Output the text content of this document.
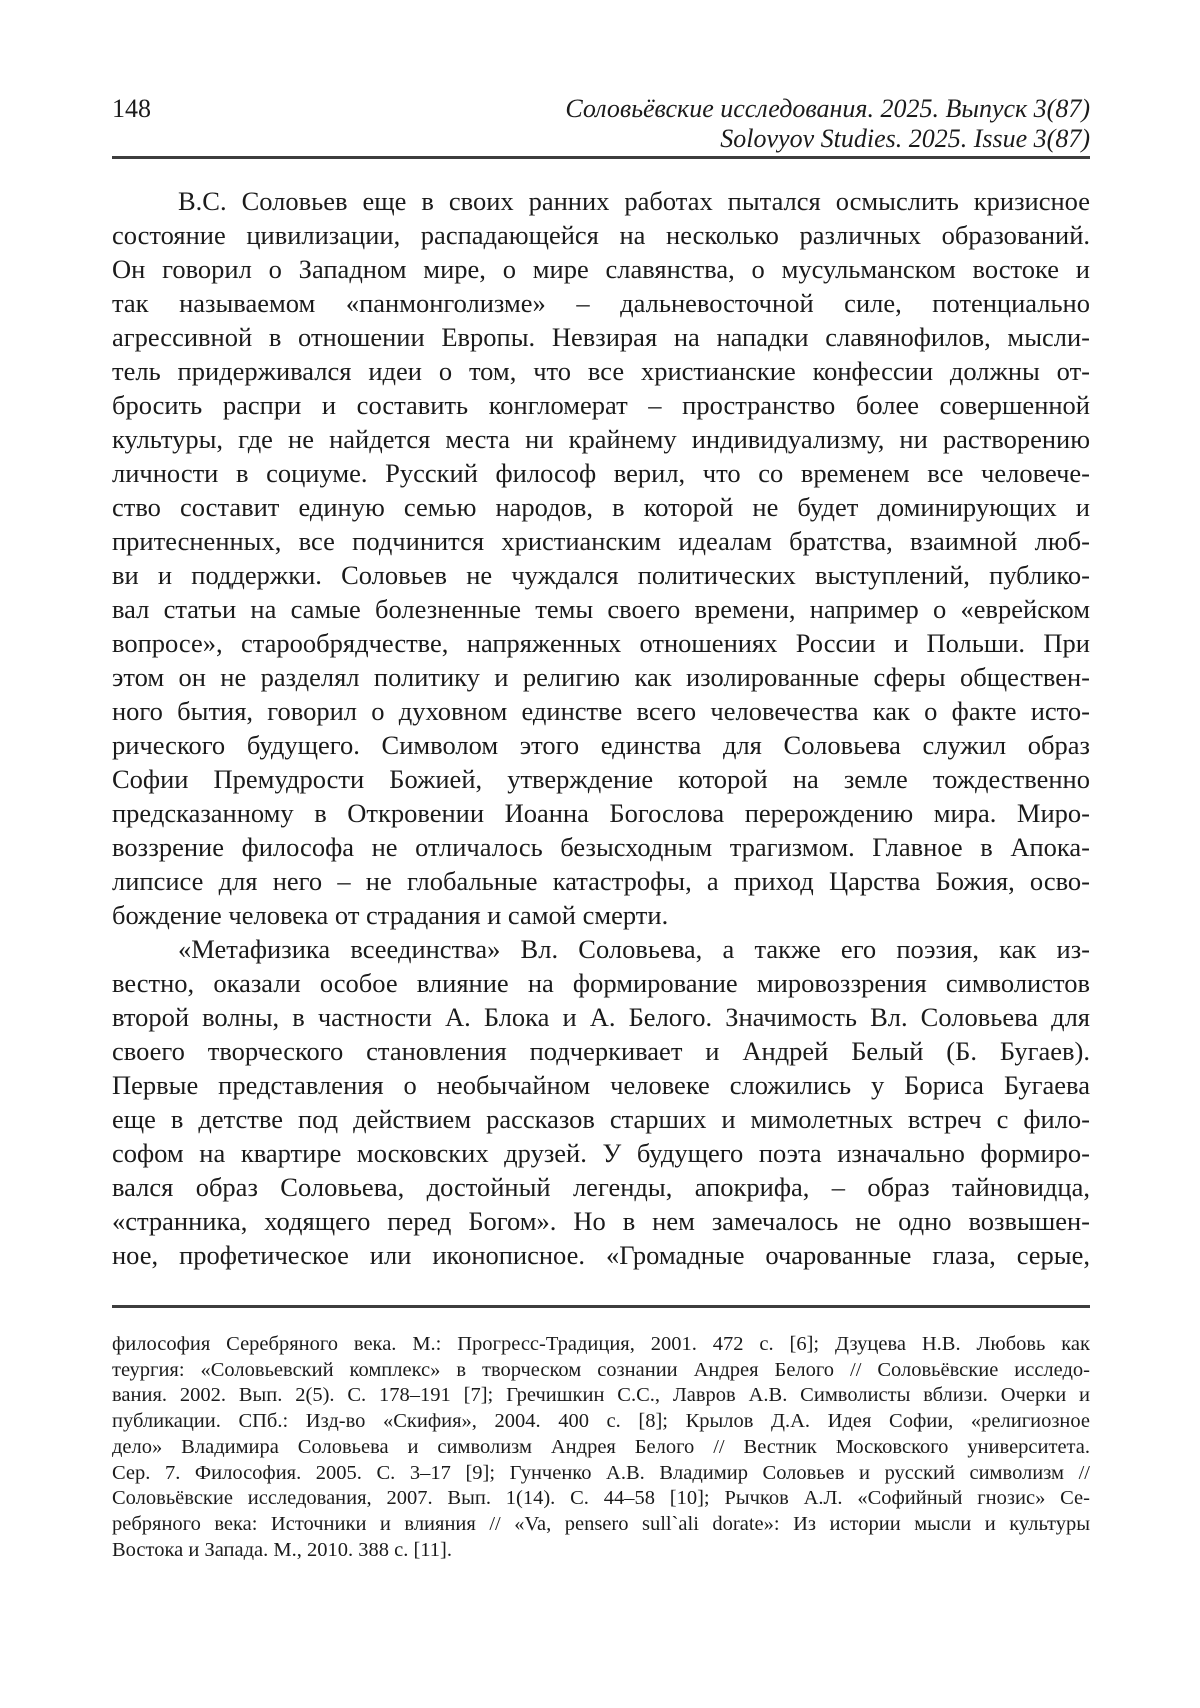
148	Соловьёвские исследования. 2025. Выпуск 3(87)
Solovyov Studies. 2025. Issue 3(87)
В.С. Соловьев еще в своих ранних работах пытался осмыслить кризисное
состояние цивилизации, распадающейся на несколько различных образований.
Он говорил о Западном мире, о мире славянства, о мусульманском востоке и
так называемом «панмонголизме» – дальневосточной силе, потенциально
агрессивной в отношении Европы. Невзирая на нападки славянофилов, мысли-
тель придерживался идеи о том, что все христианские конфессии должны от-
бросить распри и составить конгломерат – пространство более совершенной
культуры, где не найдется места ни крайнему индивидуализму, ни растворению
личности в социуме. Русский философ верил, что со временем все человече-
ство составит единую семью народов, в которой не будет доминирующих и
притесненных, все подчинится христианским идеалам братства, взаимной люб-
ви и поддержки. Соловьев не чуждался политических выступлений, публико-
вал статьи на самые болезненные темы своего времени, например о «еврейском
вопросе», старообрядчестве, напряженных отношениях России и Польши. При
этом он не разделял политику и религию как изолированные сферы обществен-
ного бытия, говорил о духовном единстве всего человечества как о факте исто-
рического будущего. Символом этого единства для Соловьева служил образ
Софии Премудрости Божией, утверждение которой на земле тождественно
предсказанному в Откровении Иоанна Богослова перерождению мира. Миро-
воззрение философа не отличалось безысходным трагизмом. Главное в Апока-
липсисе для него – не глобальные катастрофы, а приход Царства Божия, осво-
бождение человека от страдания и самой смерти.
«Метафизика всеединства» Вл. Соловьева, а также его поэзия, как из-
вестно, оказали особое влияние на формирование мировоззрения символистов
второй волны, в частности А. Блока и А. Белого. Значимость Вл. Соловьева для
своего творческого становления подчеркивает и Андрей Белый (Б. Бугаев).
Первые представления о необычайном человеке сложились у Бориса Бугаева
еще в детстве под действием рассказов старших и мимолетных встреч с фило-
софом на квартире московских друзей. У будущего поэта изначально формиро-
вался образ Соловьева, достойный легенды, апокрифа, – образ тайновидца,
«странника, ходящего перед Богом». Но в нем замечалось не одно возвышен-
ное, профетическое или иконописное. «Громадные очарованные глаза, серые,
философия Серебряного века. М.: Прогресс-Традиция, 2001. 472 с. [6]; Дзуцева Н.В. Любовь как
теургия: «Соловьевский комплекс» в творческом сознании Андрея Белого // Соловьёвские исследо-
вания. 2002. Вып. 2(5). С. 178–191 [7]; Гречишкин С.С., Лавров А.В. Символисты вблизи. Очерки и
публикации. СПб.: Изд-во «Скифия», 2004. 400 с. [8]; Крылов Д.А. Идея Софии, «религиозное
дело» Владимира Соловьева и символизм Андрея Белого // Вестник Московского университета.
Сер. 7. Философия. 2005. С. 3–17 [9]; Гунченко А.В. Владимир Соловьев и русский символизм //
Соловьёвские исследования, 2007. Вып. 1(14). С. 44–58 [10]; Рычков А.Л. «Софийный гнозис» Се-
ребряного века: Источники и влияния // «Va, pensero sull`ali dorate»: Из истории мысли и культуры
Востока и Запада. М., 2010. 388 с. [11].
